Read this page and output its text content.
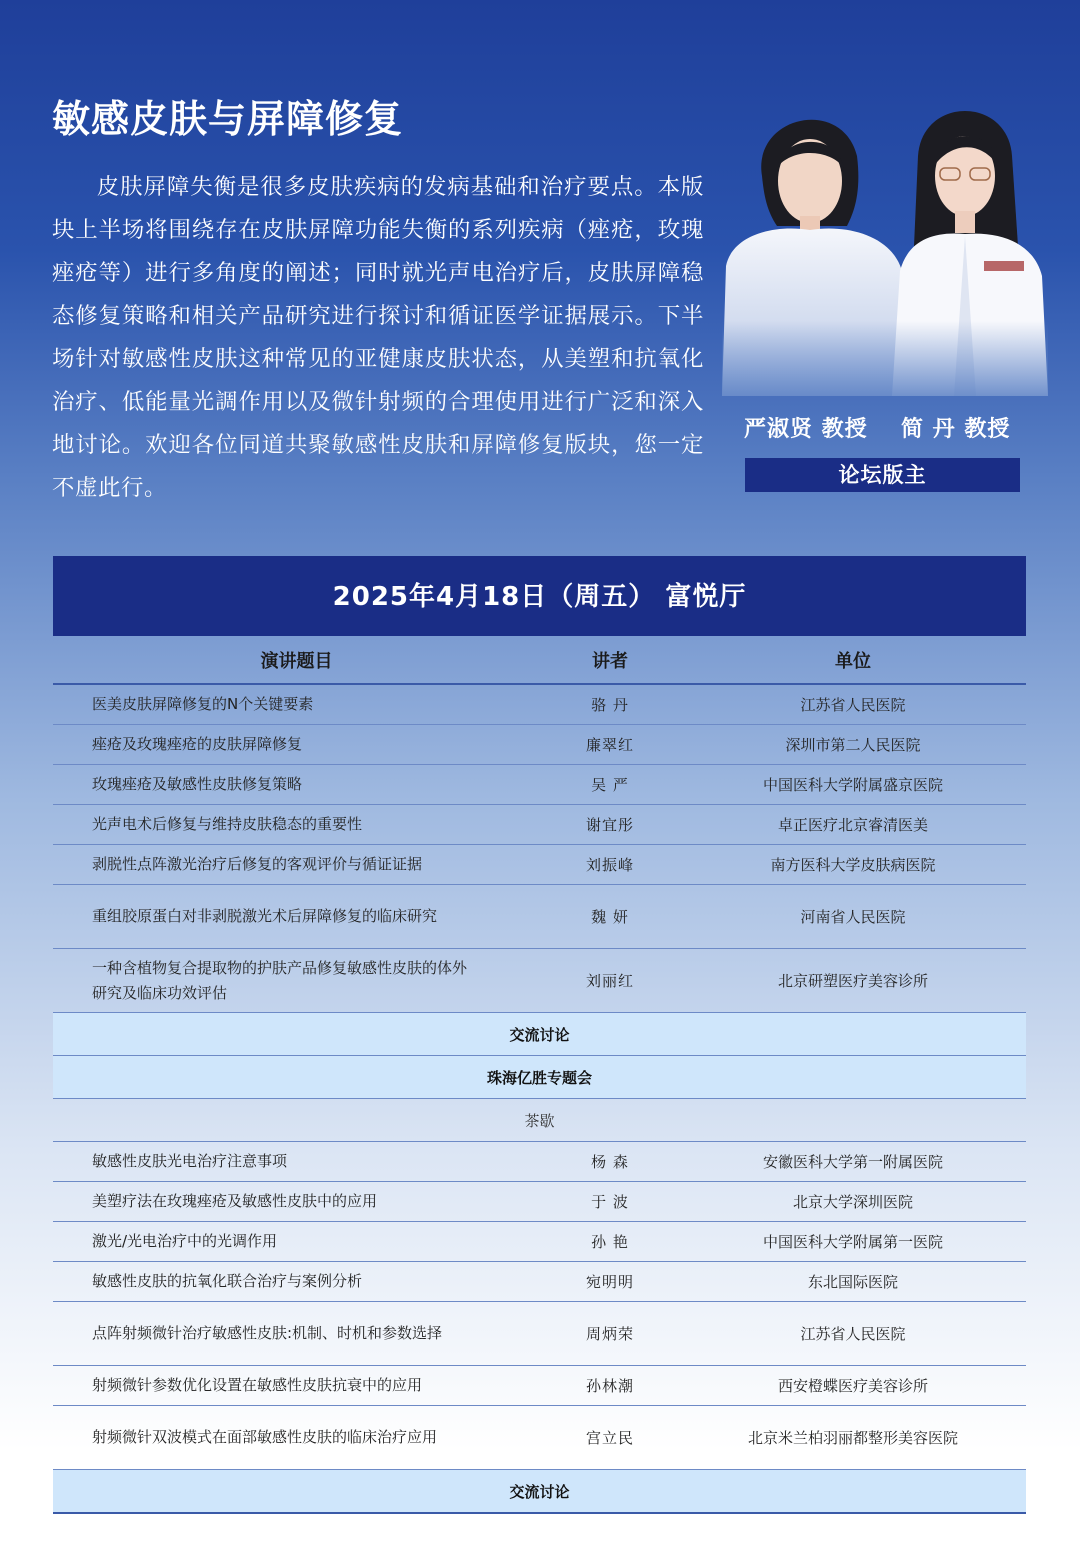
敏感皮肤与屏障修复
皮肤屏障失衡是很多皮肤疾病的发病基础和治疗要点。本版块上半场将围绕存在皮肤屏障功能失衡的系列疾病（痤疮，玫瑰痤疮等）进行多角度的阐述；同时就光声电治疗后，皮肤屏障稳态修复策略和相关产品研究进行探讨和循证医学证据展示。下半场针对敏感性皮肤这种常见的亚健康皮肤状态，从美塑和抗氧化治疗、低能量光調作用以及微针射频的合理使用进行广泛和深入地讨论。欢迎各位同道共聚敏感性皮肤和屏障修复版块，您一定不虚此行。
严淑贤 教授 简 丹 教授
论坛版主
2025年4月18日（周五） 富悦厅
演讲题目	讲者	单位
医美皮肤屏障修复的N个关键要素	骆 丹	江苏省人民医院
痤疮及玫瑰痤疮的皮肤屏障修复	廉翠红	深圳市第二人民医院
玫瑰痤疮及敏感性皮肤修复策略	吴 严	中国医科大学附属盛京医院
光声电术后修复与维持皮肤稳态的重要性	谢宜彤	卓正医疗北京睿清医美
剥脱性点阵激光治疗后修复的客观评价与循证证据	刘振峰	南方医科大学皮肤病医院
重组胶原蛋白对非剥脱激光术后屏障修复的临床研究	魏 妍	河南省人民医院
一种含植物复合提取物的护肤产品修复敏感性皮肤的体外研究及临床功效评估	刘丽红	北京研塑医疗美容诊所
交流讨论		
珠海亿胜专题会		
茶歇		
敏感性皮肤光电治疗注意事项	杨 森	安徽医科大学第一附属医院
美塑疗法在玫瑰痤疮及敏感性皮肤中的应用	于 波	北京大学深圳医院
激光/光电治疗中的光调作用	孙 艳	中国医科大学附属第一医院
敏感性皮肤的抗氧化联合治疗与案例分析	宛明明	东北国际医院
点阵射频微针治疗敏感性皮肤:机制、时机和参数选择	周炳荣	江苏省人民医院
射频微针参数优化设置在敏感性皮肤抗衰中的应用	孙林潮	西安橙蝶医疗美容诊所
射频微针双波模式在面部敏感性皮肤的临床治疗应用	宫立民	北京米兰柏羽丽都整形美容医院
交流讨论		
